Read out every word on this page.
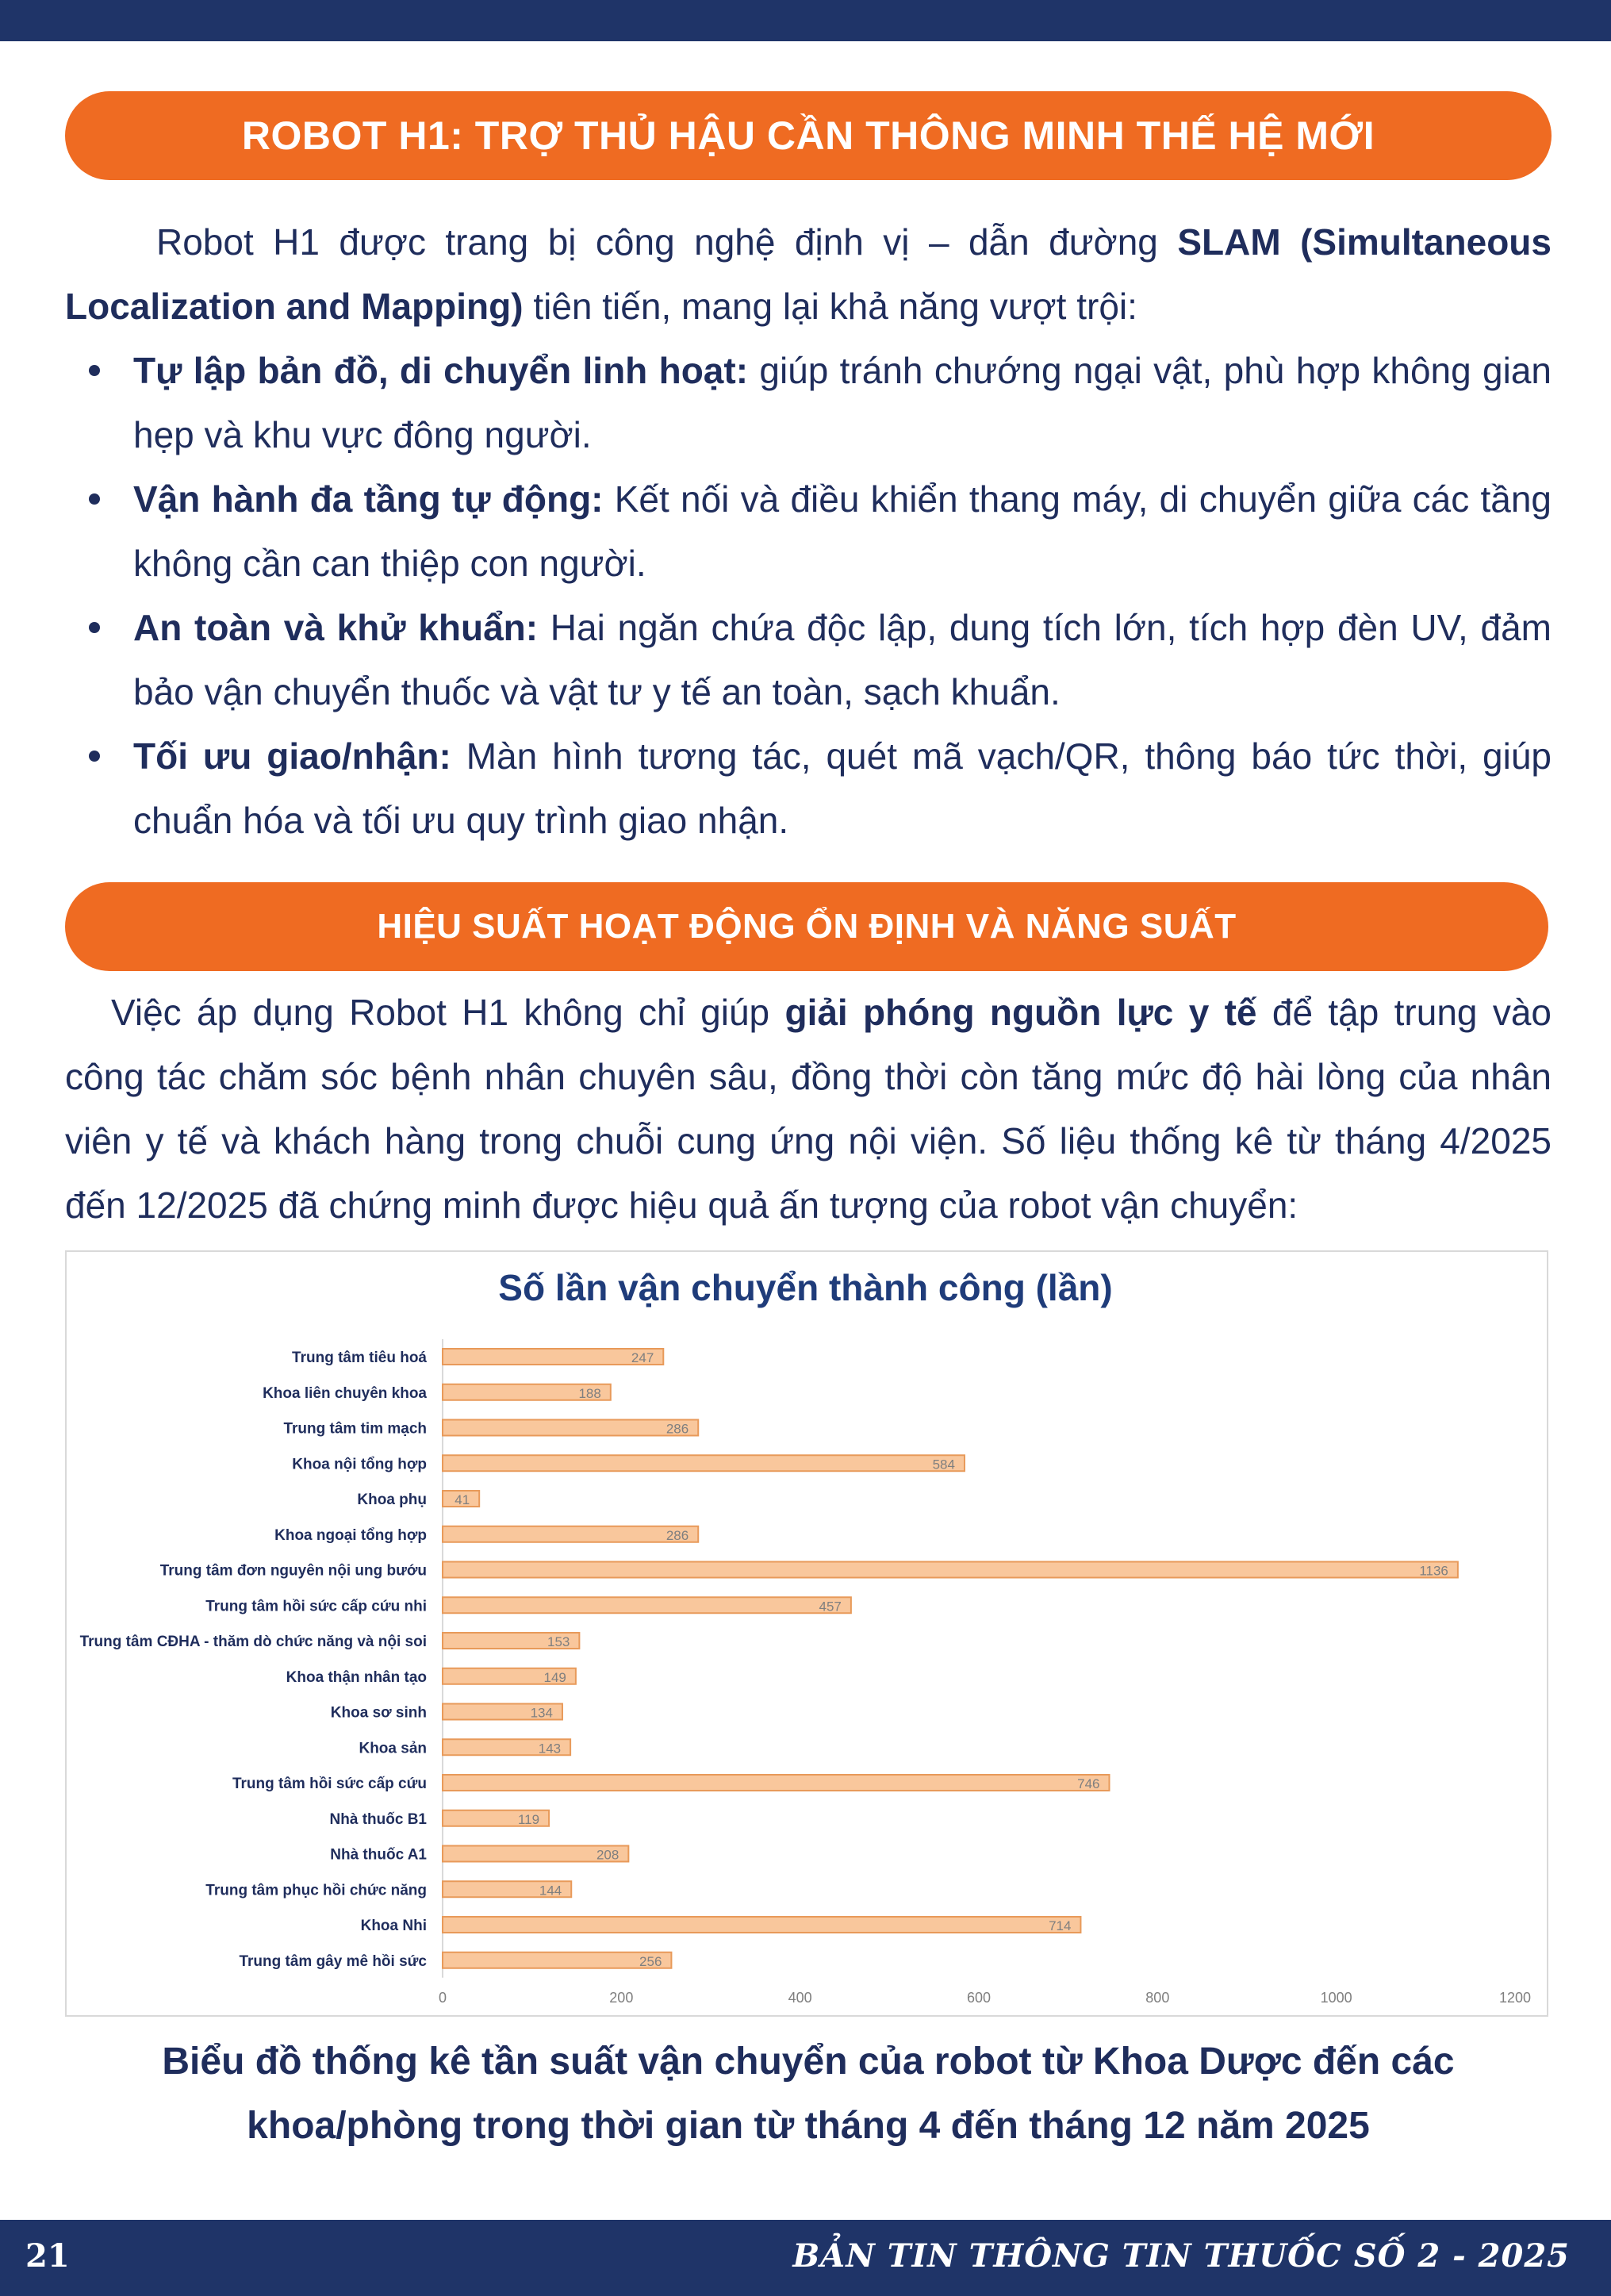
ROBOT H1: TRỢ THỦ HẬU CẦN THÔNG MINH THẾ HỆ MỚI
Robot H1 được trang bị công nghệ định vị – dẫn đường SLAM (Simultaneous Localization and Mapping) tiên tiến, mang lại khả năng vượt trội:
Tự lập bản đồ, di chuyển linh hoạt: giúp tránh chướng ngại vật, phù hợp không gian hẹp và khu vực đông người.
Vận hành đa tầng tự động: Kết nối và điều khiển thang máy, di chuyển giữa các tầng không cần can thiệp con người.
An toàn và khử khuẩn: Hai ngăn chứa độc lập, dung tích lớn, tích hợp đèn UV, đảm bảo vận chuyển thuốc và vật tư y tế an toàn, sạch khuẩn.
Tối ưu giao/nhận: Màn hình tương tác, quét mã vạch/QR, thông báo tức thời, giúp chuẩn hóa và tối ưu quy trình giao nhận.
HIỆU SUẤT HOẠT ĐỘNG ỔN ĐỊNH VÀ NĂNG SUẤT
Việc áp dụng Robot H1 không chỉ giúp giải phóng nguồn lực y tế để tập trung vào công tác chăm sóc bệnh nhân chuyên sâu, đồng thời còn tăng mức độ hài lòng của nhân viên y tế và khách hàng trong chuỗi cung ứng nội viện. Số liệu thống kê từ tháng 4/2025 đến 12/2025 đã chứng minh được hiệu quả ấn tượng của robot vận chuyển:
Số lần vận chuyển thành công (lần)
Trung tâm tiêu hoá	247
Khoa liên chuyên khoa	188
Trung tâm tim mạch	286
Khoa nội tổng hợp	584
Khoa phụ 41
Khoa ngoại tổng hợp	286
Trung tâm đơn nguyên nội ung bướu	1136
Trung tâm hồi sức cấp cứu nhi	457
Trung tâm CĐHA - thăm dò chức năng và nội soi	153
Khoa thận nhân tạo	149
Khoa sơ sinh	134
Khoa sản	143
Trung tâm hồi sức cấp cứu	746
Nhà thuốc B1	119
Nhà thuốc A1	208
Trung tâm phục hồi chức năng	144
Khoa Nhi	714
Trung tâm gây mê hồi sức	256
0	200	400	600	800	1000	1200
Biểu đồ thống kê tần suất vận chuyển của robot từ Khoa Dược đến các khoa/phòng trong thời gian từ tháng 4 đến tháng 12 năm 2025
21	BẢN TIN THÔNG TIN THUỐC SỐ 2 - 2025
